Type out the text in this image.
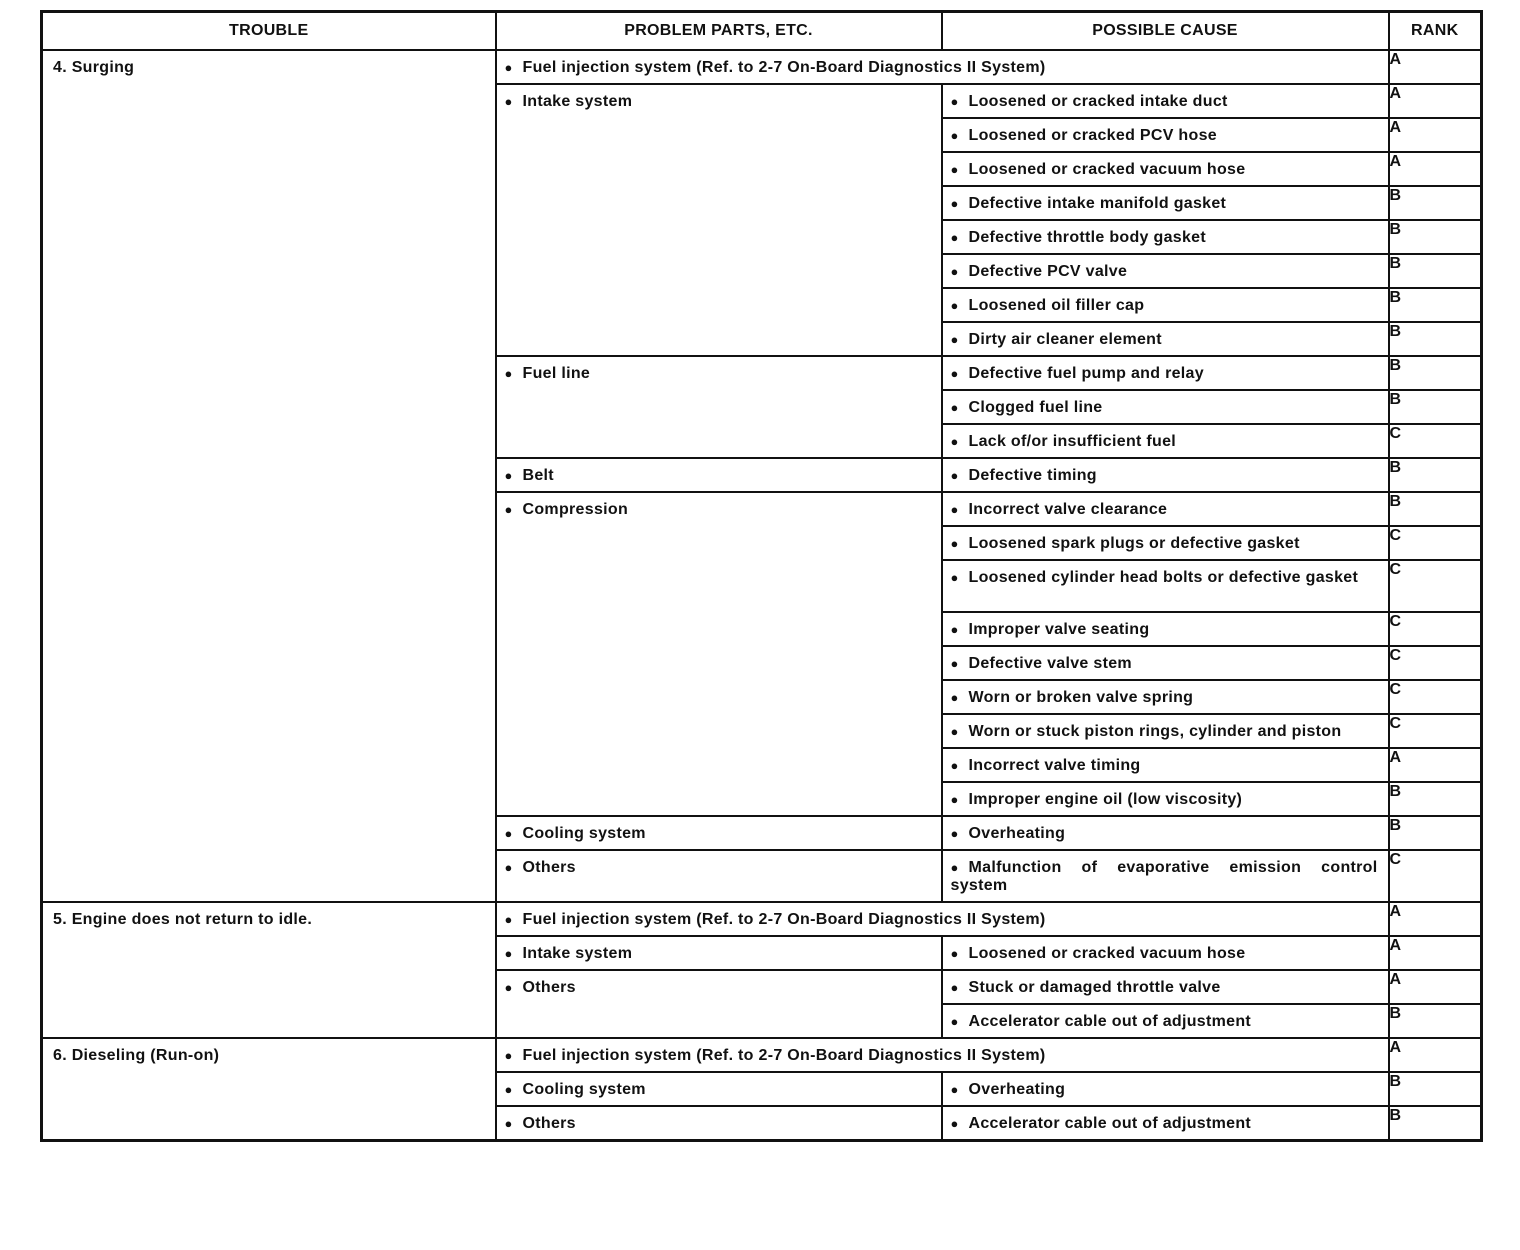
TROUBLE	PROBLEM PARTS, ETC.	POSSIBLE CAUSE	RANK

4. Surging	● Fuel injection system (Ref. to 2-7 On-Board Diagnostics II System)		A

	● Intake system	● Loosened or cracked intake duct	A

		● Loosened or cracked PCV hose	A

		● Loosened or cracked vacuum hose	A

		● Defective intake manifold gasket	B

		● Defective throttle body gasket	B

		● Defective PCV valve	B

		● Loosened oil filler cap	B

		● Dirty air cleaner element	B

	● Fuel line	● Defective fuel pump and relay	B

		● Clogged fuel line	B

		● Lack of/or insufficient fuel	C

	● Belt	● Defective timing	B

	● Compression	● Incorrect valve clearance	B

		● Loosened spark plugs or defective gasket	C

		● Loosened cylinder head bolts or defective gasket	C

		● Improper valve seating	C

		● Defective valve stem	C

		● Worn or broken valve spring	C

		● Worn or stuck piston rings, cylinder and piston	C

		● Incorrect valve timing	A

		● Improper engine oil (low viscosity)	B

	● Cooling system	● Overheating	B

	● Others	● Malfunction of evaporative emission control system	C

5. Engine does not return to idle.	● Fuel injection system (Ref. to 2-7 On-Board Diagnostics II System)		A

	● Intake system	● Loosened or cracked vacuum hose	A

	● Others	● Stuck or damaged throttle valve	A

		● Accelerator cable out of adjustment	B

6. Dieseling (Run-on)	● Fuel injection system (Ref. to 2-7 On-Board Diagnostics II System)		A

	● Cooling system	● Overheating	B

	● Others	● Accelerator cable out of adjustment	B
